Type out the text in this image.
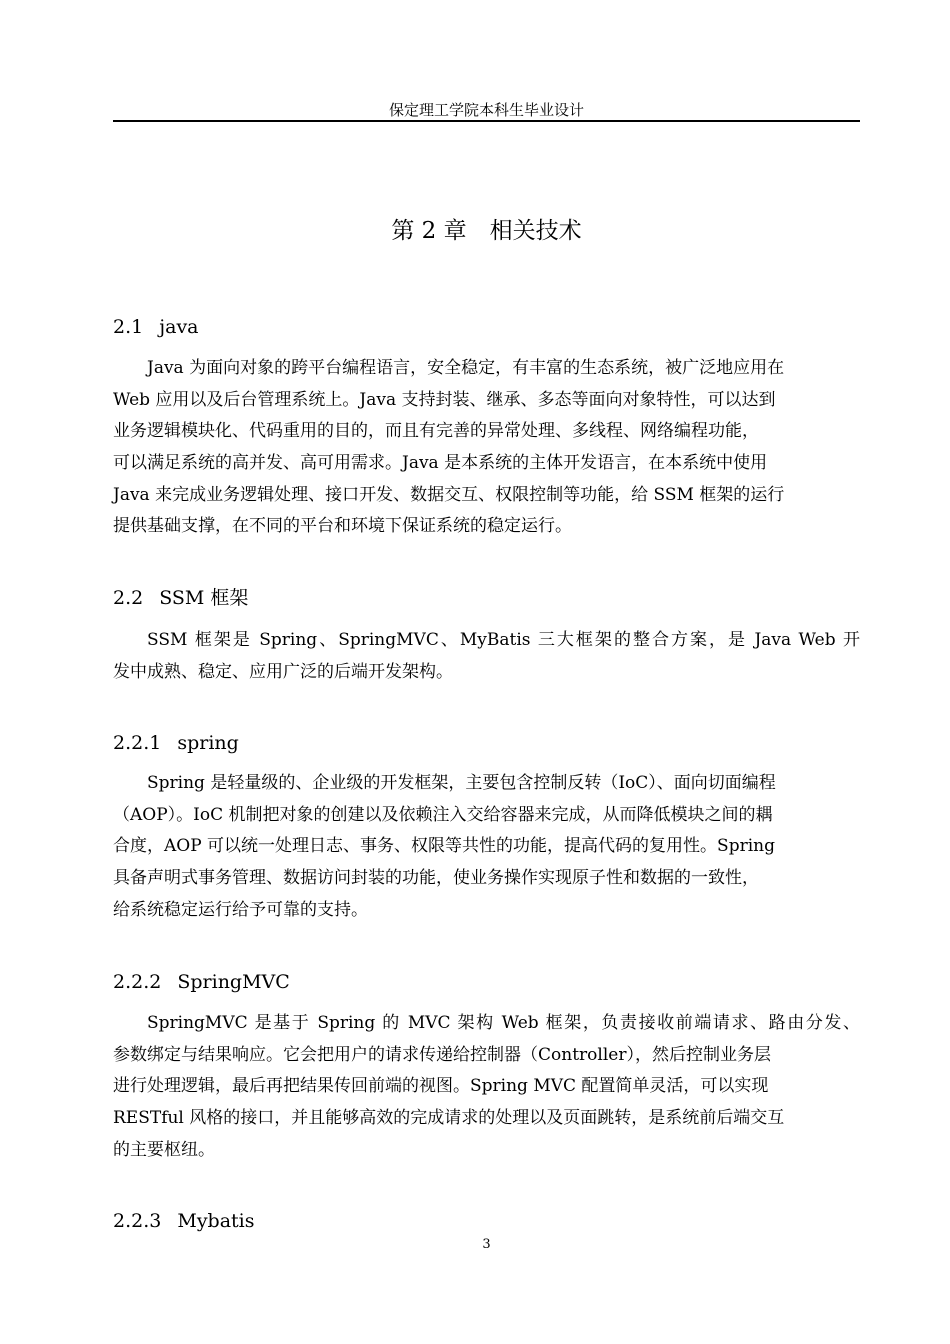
保定理工学院本科生毕业设计
第 2 章　相关技术
2.1 java
Java 为面向对象的跨平台编程语言，安全稳定，有丰富的生态系统，被广泛地应用在
Web 应用以及后台管理系统上。Java 支持封装、继承、多态等面向对象特性，可以达到
业务逻辑模块化、代码重用的目的，而且有完善的异常处理、多线程、网络编程功能，
可以满足系统的高并发、高可用需求。Java 是本系统的主体开发语言，在本系统中使用
Java 来完成业务逻辑处理、接口开发、数据交互、权限控制等功能，给 SSM 框架的运行
提供基础支撑，在不同的平台和环境下保证系统的稳定运行。
2.2 SSM 框架
SSM 框架是 Spring、SpringMVC、MyBatis 三大框架的整合方案，是 Java Web 开
发中成熟、稳定、应用广泛的后端开发架构。
2.2.1 spring
Spring 是轻量级的、企业级的开发框架，主要包含控制反转（IoC）、面向切面编程
（AOP）。IoC 机制把对象的创建以及依赖注入交给容器来完成，从而降低模块之间的耦
合度，AOP 可以统一处理日志、事务、权限等共性的功能，提高代码的复用性。Spring
具备声明式事务管理、数据访问封装的功能，使业务操作实现原子性和数据的一致性，
给系统稳定运行给予可靠的支持。
2.2.2 SpringMVC
SpringMVC 是基于 Spring 的 MVC 架构 Web 框架，负责接收前端请求、路由分发、
参数绑定与结果响应。它会把用户的请求传递给控制器（Controller），然后控制业务层
进行处理逻辑，最后再把结果传回前端的视图。Spring MVC 配置简单灵活，可以实现
RESTful 风格的接口，并且能够高效的完成请求的处理以及页面跳转，是系统前后端交互
的主要枢纽。
2.2.3 Mybatis
3
